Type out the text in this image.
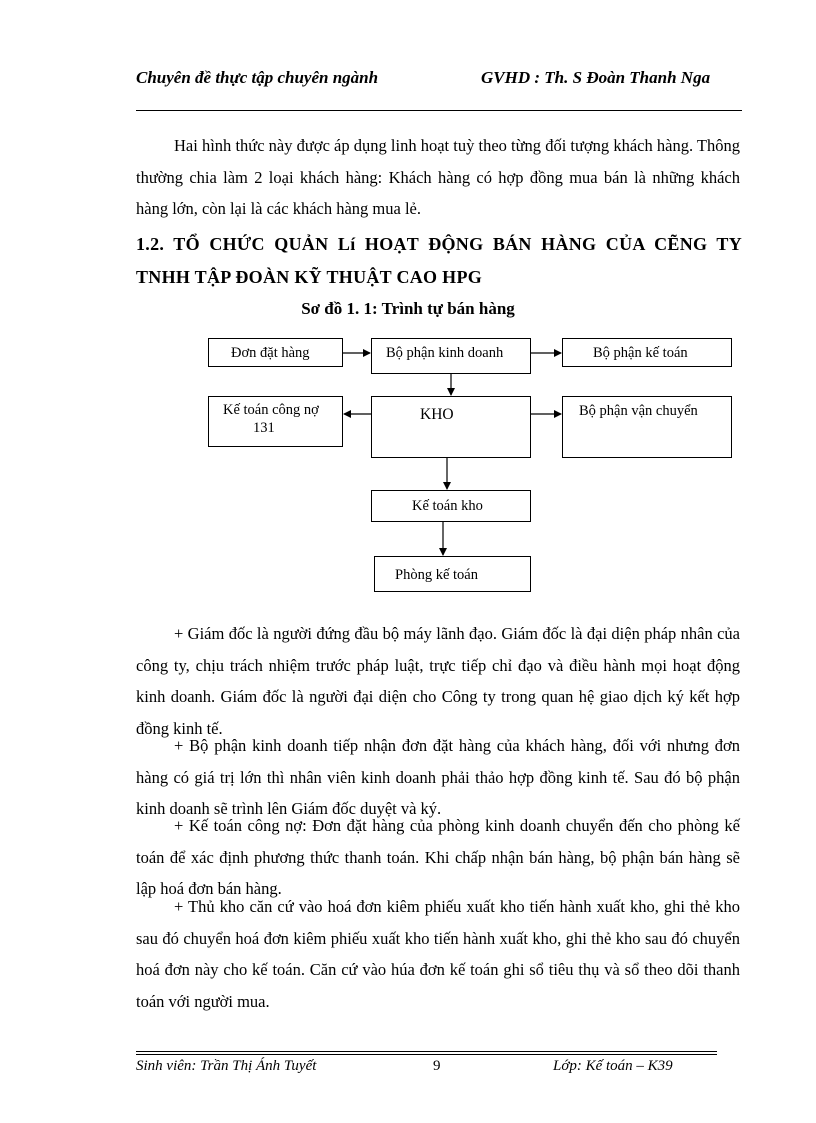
Chuyên đề thực tập chuyên ngành	GVHD : Th. S Đoàn Thanh Nga

Hai hình thức này được áp dụng linh hoạt tuỳ theo từng đối tượng khách hàng. Thông thường chia làm 2 loại khách hàng: Khách hàng có hợp đồng mua bán là những khách hàng lớn, còn lại là các khách hàng mua lẻ.

1.2. TỔ CHỨC QUẢN Lí HOẠT ĐỘNG BÁN HÀNG CỦA CẼNG TY TNHH TẬP ĐOÀN KỸ THUẬT CAO HPG
Sơ đồ 1. 1: Trình tự bán hàng
Đơn đặt hàng	Bộ phận kinh doanh	Bộ phận kế toán
Kế toán công nợ
131
KHO	Bộ phận vận chuyển
Kế toán kho
Phòng kế toán

+ Giám đốc là người đứng đầu bộ máy lãnh đạo. Giám đốc là đại diện pháp nhân của công ty, chịu trách nhiệm trước pháp luật, trực tiếp chỉ đạo và điều hành mọi hoạt động kinh doanh. Giám đốc là người đại diện cho Công ty trong quan hệ giao dịch ký kết hợp đồng kinh tế.

+ Bộ phận kinh doanh tiếp nhận đơn đặt hàng của khách hàng, đối với nhưng đơn hàng có giá trị lớn thì nhân viên kinh doanh phải thảo hợp đồng kinh tế. Sau đó bộ phận kinh doanh sẽ trình lên Giám đốc duyệt và ký.

+ Kế toán công nợ: Đơn đặt hàng của phòng kinh doanh chuyển đến cho phòng kế toán để xác định phương thức thanh toán. Khi chấp nhận bán hàng, bộ phận bán hàng sẽ lập hoá đơn bán hàng.

+ Thủ kho căn cứ vào hoá đơn kiêm phiếu xuất kho tiến hành xuất kho, ghi thẻ kho sau đó chuyển hoá đơn kiêm phiếu xuất kho tiến hành xuất kho, ghi thẻ kho sau đó chuyển hoá đơn này cho kế toán. Căn cứ vào húa đơn kế toán ghi sổ tiêu thụ và sổ theo dõi thanh toán với người mua.

Sinh viên: Trần Thị Ánh Tuyết	9	Lớp: Kế toán – K39
